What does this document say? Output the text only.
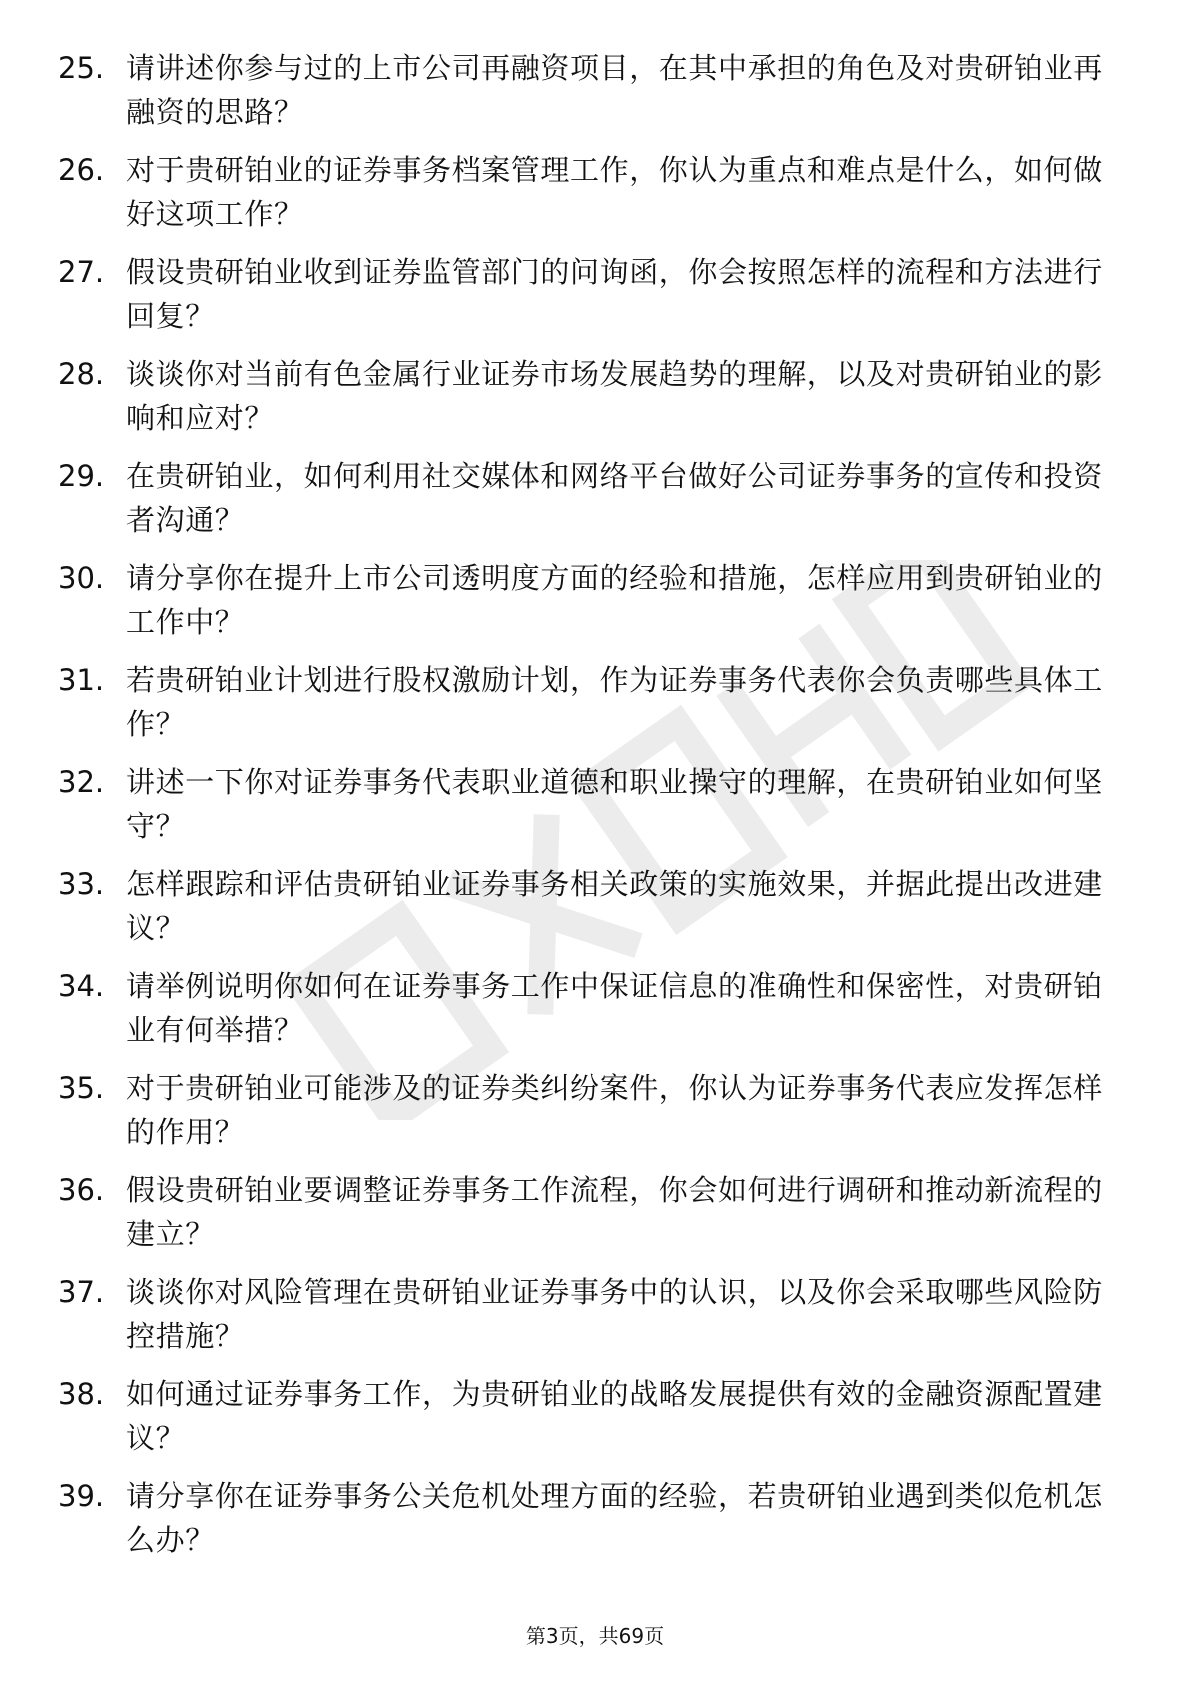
25. 请讲述你参与过的上市公司再融资项目，在其中承担的角色及对贵研铂业再融资的思路？
26. 对于贵研铂业的证券事务档案管理工作，你认为重点和难点是什么，如何做好这项工作？
27. 假设贵研铂业收到证券监管部门的问询函，你会按照怎样的流程和方法进行回复？
28. 谈谈你对当前有色金属行业证券市场发展趋势的理解，以及对贵研铂业的影响和应对？
29. 在贵研铂业，如何利用社交媒体和网络平台做好公司证券事务的宣传和投资者沟通？
30. 请分享你在提升上市公司透明度方面的经验和措施，怎样应用到贵研铂业的工作中？
31. 若贵研铂业计划进行股权激励计划，作为证券事务代表你会负责哪些具体工作？
32. 讲述一下你对证券事务代表职业道德和职业操守的理解，在贵研铂业如何坚守？
33. 怎样跟踪和评估贵研铂业证券事务相关政策的实施效果，并据此提出改进建议？
34. 请举例说明你如何在证券事务工作中保证信息的准确性和保密性，对贵研铂业有何举措？
35. 对于贵研铂业可能涉及的证券类纠纷案件，你认为证券事务代表应发挥怎样的作用？
36. 假设贵研铂业要调整证券事务工作流程，你会如何进行调研和推动新流程的建立？
37. 谈谈你对风险管理在贵研铂业证券事务中的认识，以及你会采取哪些风险防控措施？
38. 如何通过证券事务工作，为贵研铂业的战略发展提供有效的金融资源配置建议？
39. 请分享你在证券事务公关危机处理方面的经验，若贵研铂业遇到类似危机怎么办？
第3页，共69页
